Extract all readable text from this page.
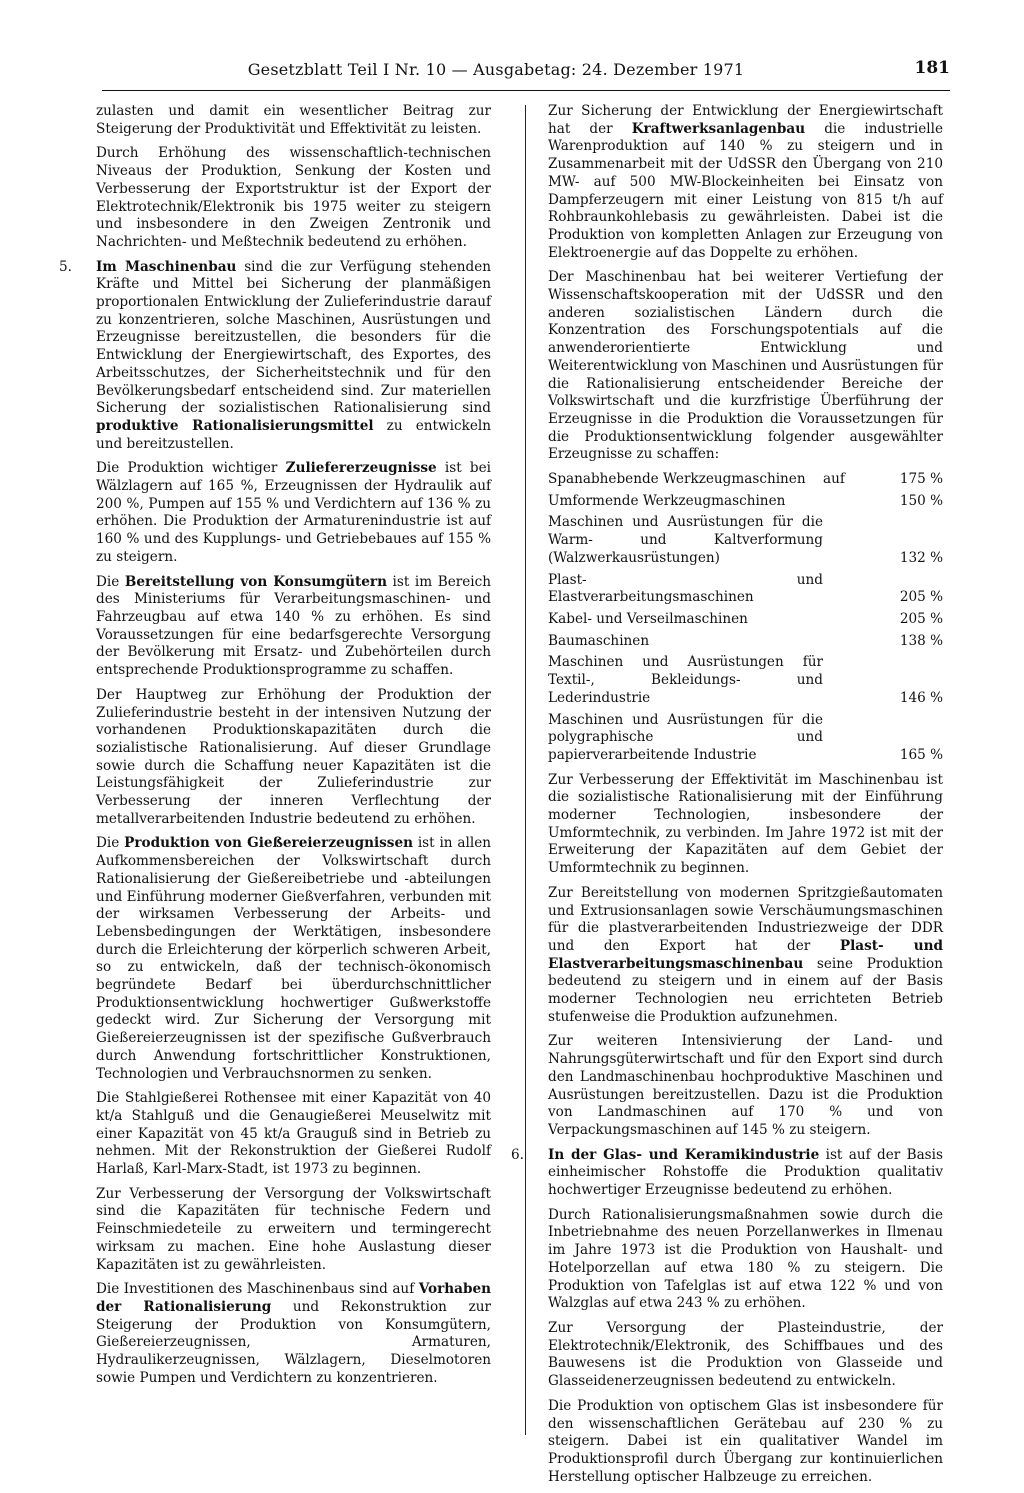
Gesetzblatt Teil I Nr. 10 — Ausgabetag: 24. Dezember 1971	181

zulasten und damit ein wesentlicher Beitrag zur Steigerung der Produktivität und Effektivität zu leisten.

Durch Erhöhung des wissenschaftlich-technischen Niveaus der Produktion, Senkung der Kosten und Verbesserung der Exportstruktur ist der Export der Elektrotechnik/Elektronik bis 1975 weiter zu steigern und insbesondere in den Zweigen Zentronik und Nachrichten- und Meßtechnik bedeutend zu erhöhen.

5. Im Maschinenbau sind die zur Verfügung stehenden Kräfte und Mittel bei Sicherung der planmäßigen proportionalen Entwicklung der Zulieferindustrie darauf zu konzentrieren, solche Maschinen, Ausrüstungen und Erzeugnisse bereitzustellen, die besonders für die Entwicklung der Energiewirtschaft, des Exportes, des Arbeitsschutzes, der Sicherheitstechnik und für den Bevölkerungsbedarf entscheidend sind. Zur materiellen Sicherung der sozialistischen Rationalisierung sind produktive Rationalisierungsmittel zu entwickeln und bereitzustellen.

Die Produktion wichtiger Zuliefererzeugnisse ist bei Wälzlagern auf 165 %, Erzeugnissen der Hydraulik auf 200 %, Pumpen auf 155 % und Verdichtern auf 136 % zu erhöhen. Die Produktion der Armaturenindustrie ist auf 160 % und des Kupplungs- und Getriebebaues auf 155 % zu steigern.

Die Bereitstellung von Konsumgütern ist im Bereich des Ministeriums für Verarbeitungsmaschinen- und Fahrzeugbau auf etwa 140 % zu erhöhen. Es sind Voraussetzungen für eine bedarfsgerechte Versorgung der Bevölkerung mit Ersatz- und Zubehörteilen durch entsprechende Produktionsprogramme zu schaffen.

Der Hauptweg zur Erhöhung der Produktion der Zulieferindustrie besteht in der intensiven Nutzung der vorhandenen Produktionskapazitäten durch die sozialistische Rationalisierung. Auf dieser Grundlage sowie durch die Schaffung neuer Kapazitäten ist die Leistungsfähigkeit der Zulieferindustrie zur Verbesserung der inneren Verflechtung der metallverarbeitenden Industrie bedeutend zu erhöhen.

Die Produktion von Gießereierzeugnissen ist in allen Aufkommensbereichen der Volkswirtschaft durch Rationalisierung der Gießereibetriebe und -abteilungen und Einführung moderner Gießverfahren, verbunden mit der wirksamen Verbesserung der Arbeits- und Lebensbedingungen der Werktätigen, insbesondere durch die Erleichterung der körperlich schweren Arbeit, so zu entwickeln, daß der technisch-ökonomisch begründete Bedarf bei überdurchschnittlicher Produktionsentwicklung hochwertiger Gußwerkstoffe gedeckt wird. Zur Sicherung der Versorgung mit Gießereierzeugnissen ist der spezifische Gußverbrauch durch Anwendung fortschrittlicher Konstruktionen, Technologien und Verbrauchsnormen zu senken.

Die Stahlgießerei Rothensee mit einer Kapazität von 40 kt/a Stahlguß und die Genaugießerei Meuselwitz mit einer Kapazität von 45 kt/a Grauguß sind in Betrieb zu nehmen. Mit der Rekonstruktion der Gießerei Rudolf Harlaß, Karl-Marx-Stadt, ist 1973 zu beginnen.

Zur Verbesserung der Versorgung der Volkswirtschaft sind die Kapazitäten für technische Federn und Feinschmiedeteile zu erweitern und termingerecht wirksam zu machen. Eine hohe Auslastung dieser Kapazitäten ist zu gewährleisten.

Die Investitionen des Maschinenbaus sind auf Vorhaben der Rationalisierung und Rekonstruktion zur Steigerung der Produktion von Konsumgütern, Gießereierzeugnissen, Armaturen, Hydraulikerzeugnissen, Wälzlagern, Dieselmotoren sowie Pumpen und Verdichtern zu konzentrieren.

Zur Sicherung der Entwicklung der Energiewirtschaft hat der Kraftwerksanlagenbau die industrielle Warenproduktion auf 140 % zu steigern und in Zusammenarbeit mit der UdSSR den Übergang von 210 MW- auf 500 MW-Blockeinheiten bei Einsatz von Dampferzeugern mit einer Leistung von 815 t/h auf Rohbraunkohlebasis zu gewährleisten. Dabei ist die Produktion von kompletten Anlagen zur Erzeugung von Elektroenergie auf das Doppelte zu erhöhen.

Der Maschinenbau hat bei weiterer Vertiefung der Wissenschaftskooperation mit der UdSSR und den anderen sozialistischen Ländern durch die Konzentration des Forschungspotentials auf die anwenderorientierte Entwicklung und Weiterentwicklung von Maschinen und Ausrüstungen für die Rationalisierung entscheidender Bereiche der Volkswirtschaft und die kurzfristige Überführung der Erzeugnisse in die Produktion die Voraussetzungen für die Produktionsentwicklung folgender ausgewählter Erzeugnisse zu schaffen:

Spanabhebende Werkzeugmaschinen	auf	175 %
Umformende Werkzeugmaschinen	150 %
Maschinen und Ausrüstungen für die Warm- und Kaltverformung (Walzwerkausrüstungen)	132 %
Plast- und Elastverarbeitungsmaschinen	205 %
Kabel- und Verseilmaschinen	205 %
Baumaschinen	138 %
Maschinen und Ausrüstungen für Textil-, Bekleidungs- und Lederindustrie	146 %
Maschinen und Ausrüstungen für die polygraphische und papierverarbeitende Industrie	165 %

Zur Verbesserung der Effektivität im Maschinenbau ist die sozialistische Rationalisierung mit der Einführung moderner Technologien, insbesondere der Umformtechnik, zu verbinden. Im Jahre 1972 ist mit der Erweiterung der Kapazitäten auf dem Gebiet der Umformtechnik zu beginnen.

Zur Bereitstellung von modernen Spritzgießautomaten und Extrusionsanlagen sowie Verschäumungsmaschinen für die plastverarbeitenden Industriezweige der DDR und den Export hat der Plast- und Elastverarbeitungsmaschinenbau seine Produktion bedeutend zu steigern und in einem auf der Basis moderner Technologien neu errichteten Betrieb stufenweise die Produktion aufzunehmen.

Zur weiteren Intensivierung der Land- und Nahrungsgüterwirtschaft und für den Export sind durch den Landmaschinenbau hochproduktive Maschinen und Ausrüstungen bereitzustellen. Dazu ist die Produktion von Landmaschinen auf 170 % und von Verpackungsmaschinen auf 145 % zu steigern.

6. In der Glas- und Keramikindustrie ist auf der Basis einheimischer Rohstoffe die Produktion qualitativ hochwertiger Erzeugnisse bedeutend zu erhöhen.

Durch Rationalisierungsmaßnahmen sowie durch die Inbetriebnahme des neuen Porzellanwerkes in Ilmenau im Jahre 1973 ist die Produktion von Haushalt- und Hotelporzellan auf etwa 180 % zu steigern. Die Produktion von Tafelglas ist auf etwa 122 % und von Walzglas auf etwa 243 % zu erhöhen.

Zur Versorgung der Plasteindustrie, der Elektrotechnik/Elektronik, des Schiffbaues und des Bauwesens ist die Produktion von Glasseide und Glasseidenerzeugnissen bedeutend zu entwickeln.

Die Produktion von optischem Glas ist insbesondere für den wissenschaftlichen Gerätebau auf 230 % zu steigern. Dabei ist ein qualitativer Wandel im Produktionsprofil durch Übergang zur kontinuierlichen Herstellung optischer Halbzeuge zu erreichen.
